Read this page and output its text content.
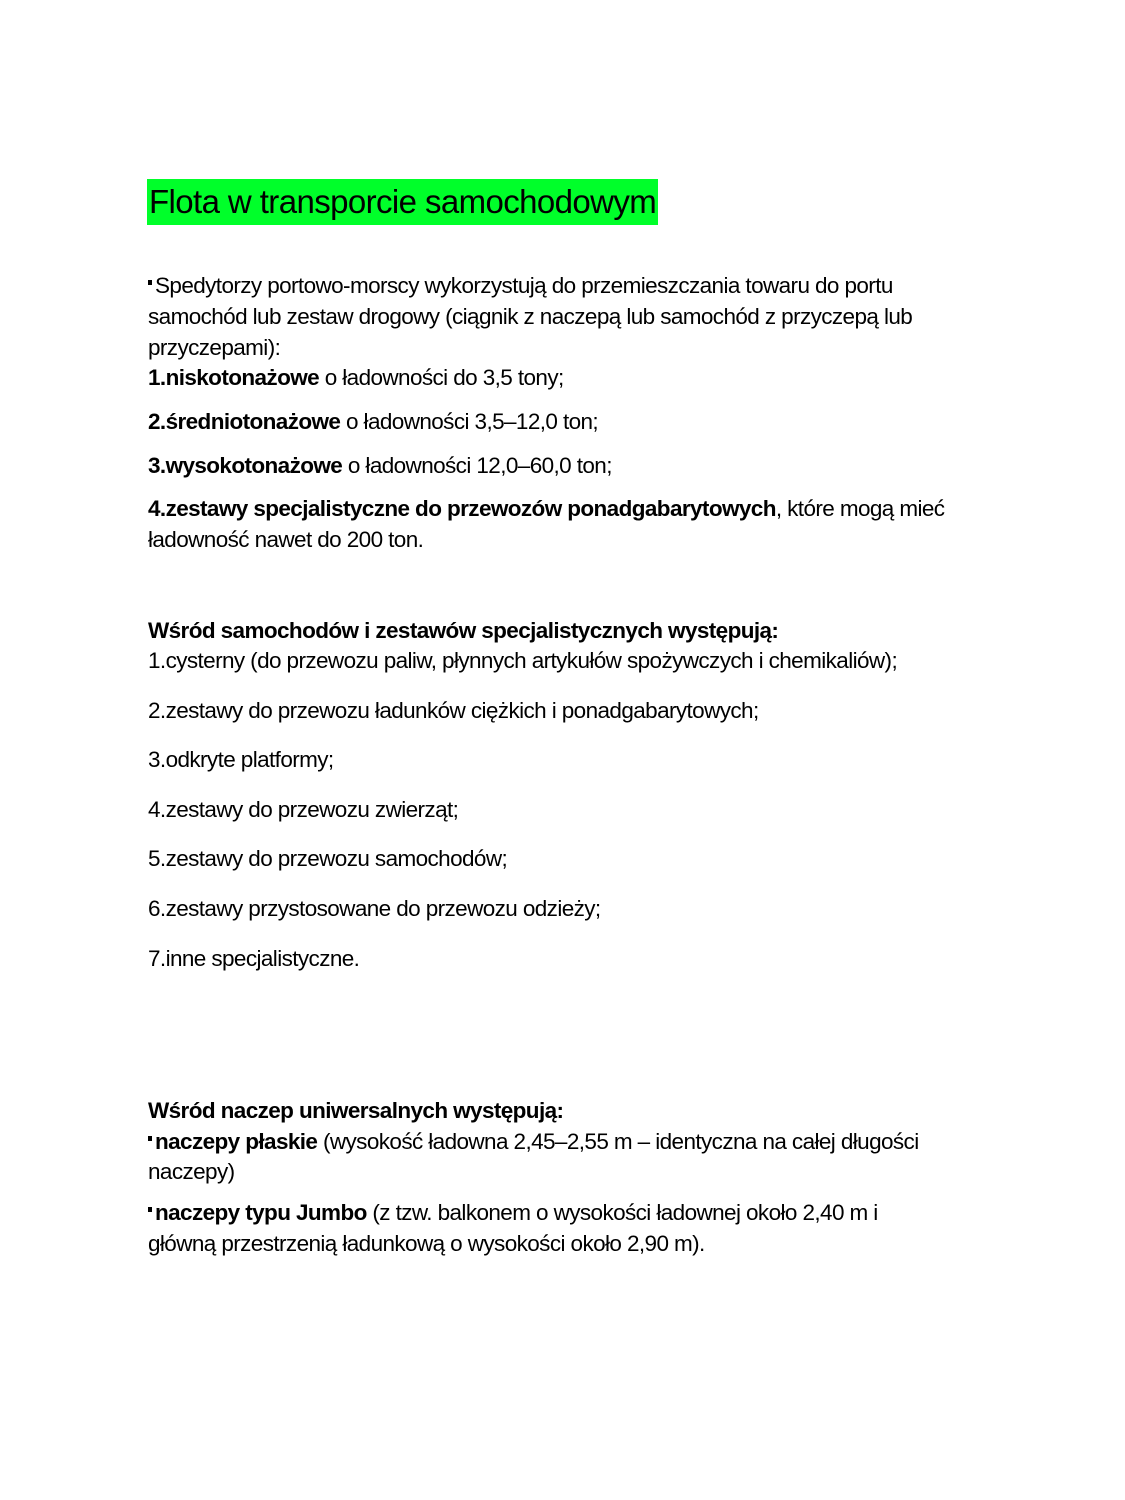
Flota w transporcie samochodowym
Spedytorzy portowo-morscy wykorzystują do przemieszczania towaru do portu
samochód lub zestaw drogowy (ciągnik z naczepą lub samochód z przyczepą lub
przyczepami):
1.niskotonażowe o ładowności do 3,5 tony;
2.średniotonażowe o ładowności 3,5–12,0 ton;
3.wysokotonażowe o ładowności 12,0–60,0 ton;
4.zestawy specjalistyczne do przewozów ponadgabarytowych, które mogą mieć
ładowność nawet do 200 ton.
Wśród samochodów i zestawów specjalistycznych występują:
1.cysterny (do przewozu paliw, płynnych artykułów spożywczych i chemikaliów);
2.zestawy do przewozu ładunków ciężkich i ponadgabarytowych;
3.odkryte platformy;
4.zestawy do przewozu zwierząt;
5.zestawy do przewozu samochodów;
6.zestawy przystosowane do przewozu odzieży;
7.inne specjalistyczne.
Wśród naczep uniwersalnych występują:
naczepy płaskie (wysokość ładowna 2,45–2,55 m – identyczna na całej długości
naczepy)
naczepy typu Jumbo (z tzw. balkonem o wysokości ładownej około 2,40 m i
główną przestrzenią ładunkową o wysokości około 2,90 m).
